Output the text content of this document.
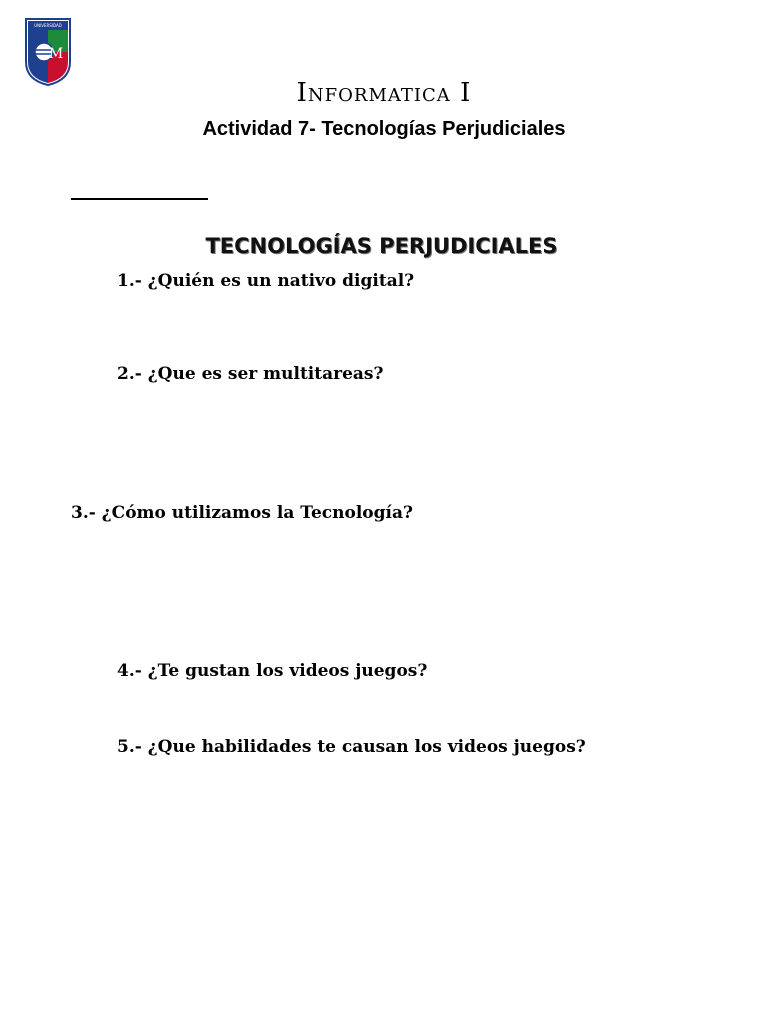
UNIVERSIDAD
M
Informatica I
Actividad 7- Tecnologías Perjudiciales
TECNOLOGÍAS PERJUDICIALES
1.- ¿Quién es un nativo digital?
2.- ¿Que es ser multitareas?
3.- ¿Cómo utilizamos la Tecnología?
4.- ¿Te gustan los videos juegos?
5.- ¿Que habilidades te causan los videos juegos?
